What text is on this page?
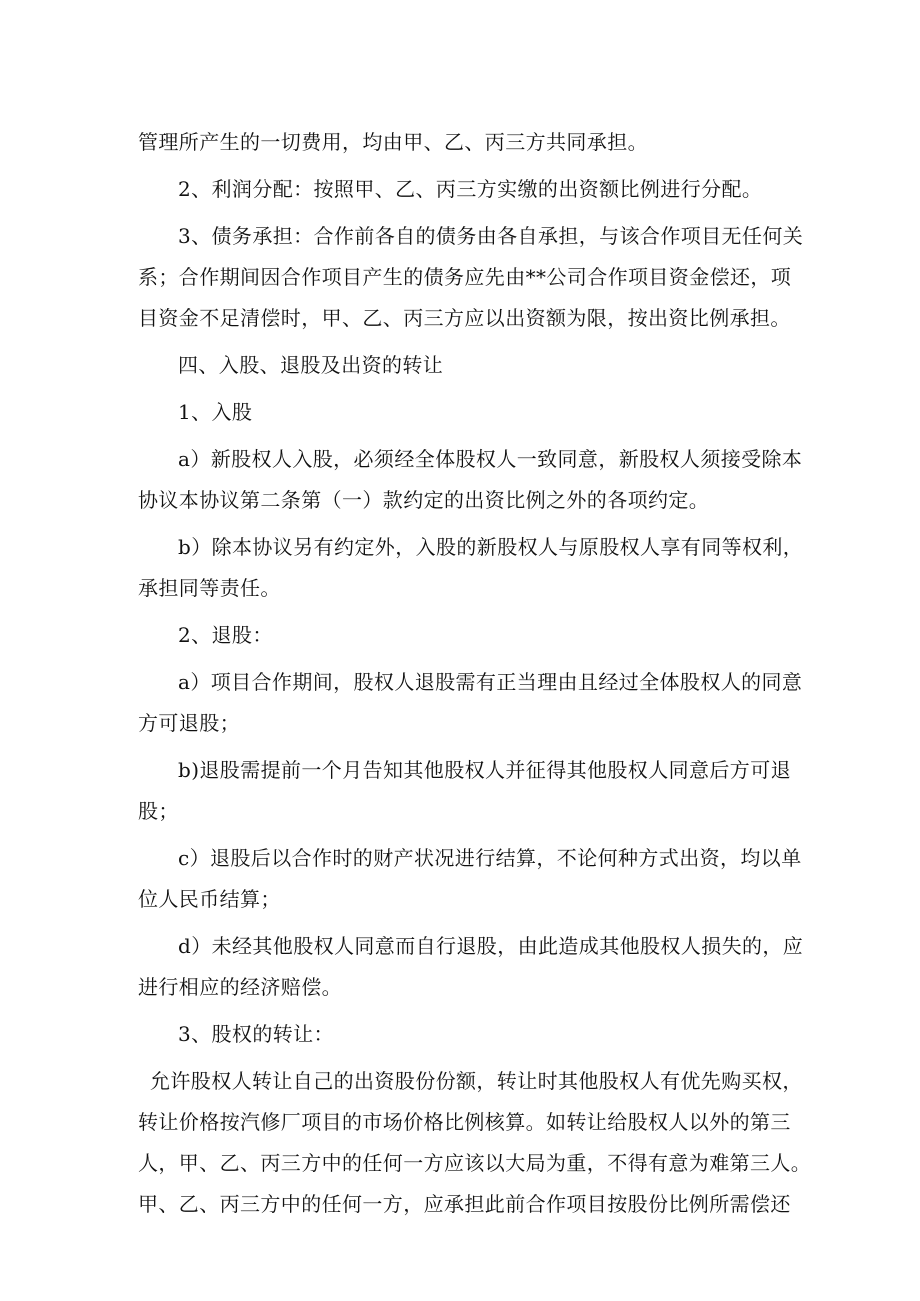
管理所产生的一切费用，均由甲、乙、丙三方共同承担。
2、利润分配：按照甲、乙、丙三方实缴的出资额比例进行分配。
3、债务承担：合作前各自的债务由各自承担，与该合作项目无任何关
系；合作期间因合作项目产生的债务应先由**公司合作项目资金偿还，项
目资金不足清偿时，甲、乙、丙三方应以出资额为限，按出资比例承担。
四、入股、退股及出资的转让
1、入股
a）新股权人入股，必须经全体股权人一致同意，新股权人须接受除本
协议本协议第二条第（一）款约定的出资比例之外的各项约定。
b）除本协议另有约定外，入股的新股权人与原股权人享有同等权利，
承担同等责任。
2、退股：
a）项目合作期间，股权人退股需有正当理由且经过全体股权人的同意
方可退股；
b)退股需提前一个月告知其他股权人并征得其他股权人同意后方可退
股；
c）退股后以合作时的财产状况进行结算，不论何种方式出资，均以单
位人民币结算；
d）未经其他股权人同意而自行退股，由此造成其他股权人损失的，应
进行相应的经济赔偿。
3、股权的转让：
允许股权人转让自己的出资股份份额，转让时其他股权人有优先购买权，
转让价格按汽修厂项目的市场价格比例核算。如转让给股权人以外的第三
人，甲、乙、丙三方中的任何一方应该以大局为重，不得有意为难第三人。
甲、乙、丙三方中的任何一方，应承担此前合作项目按股份比例所需偿还
